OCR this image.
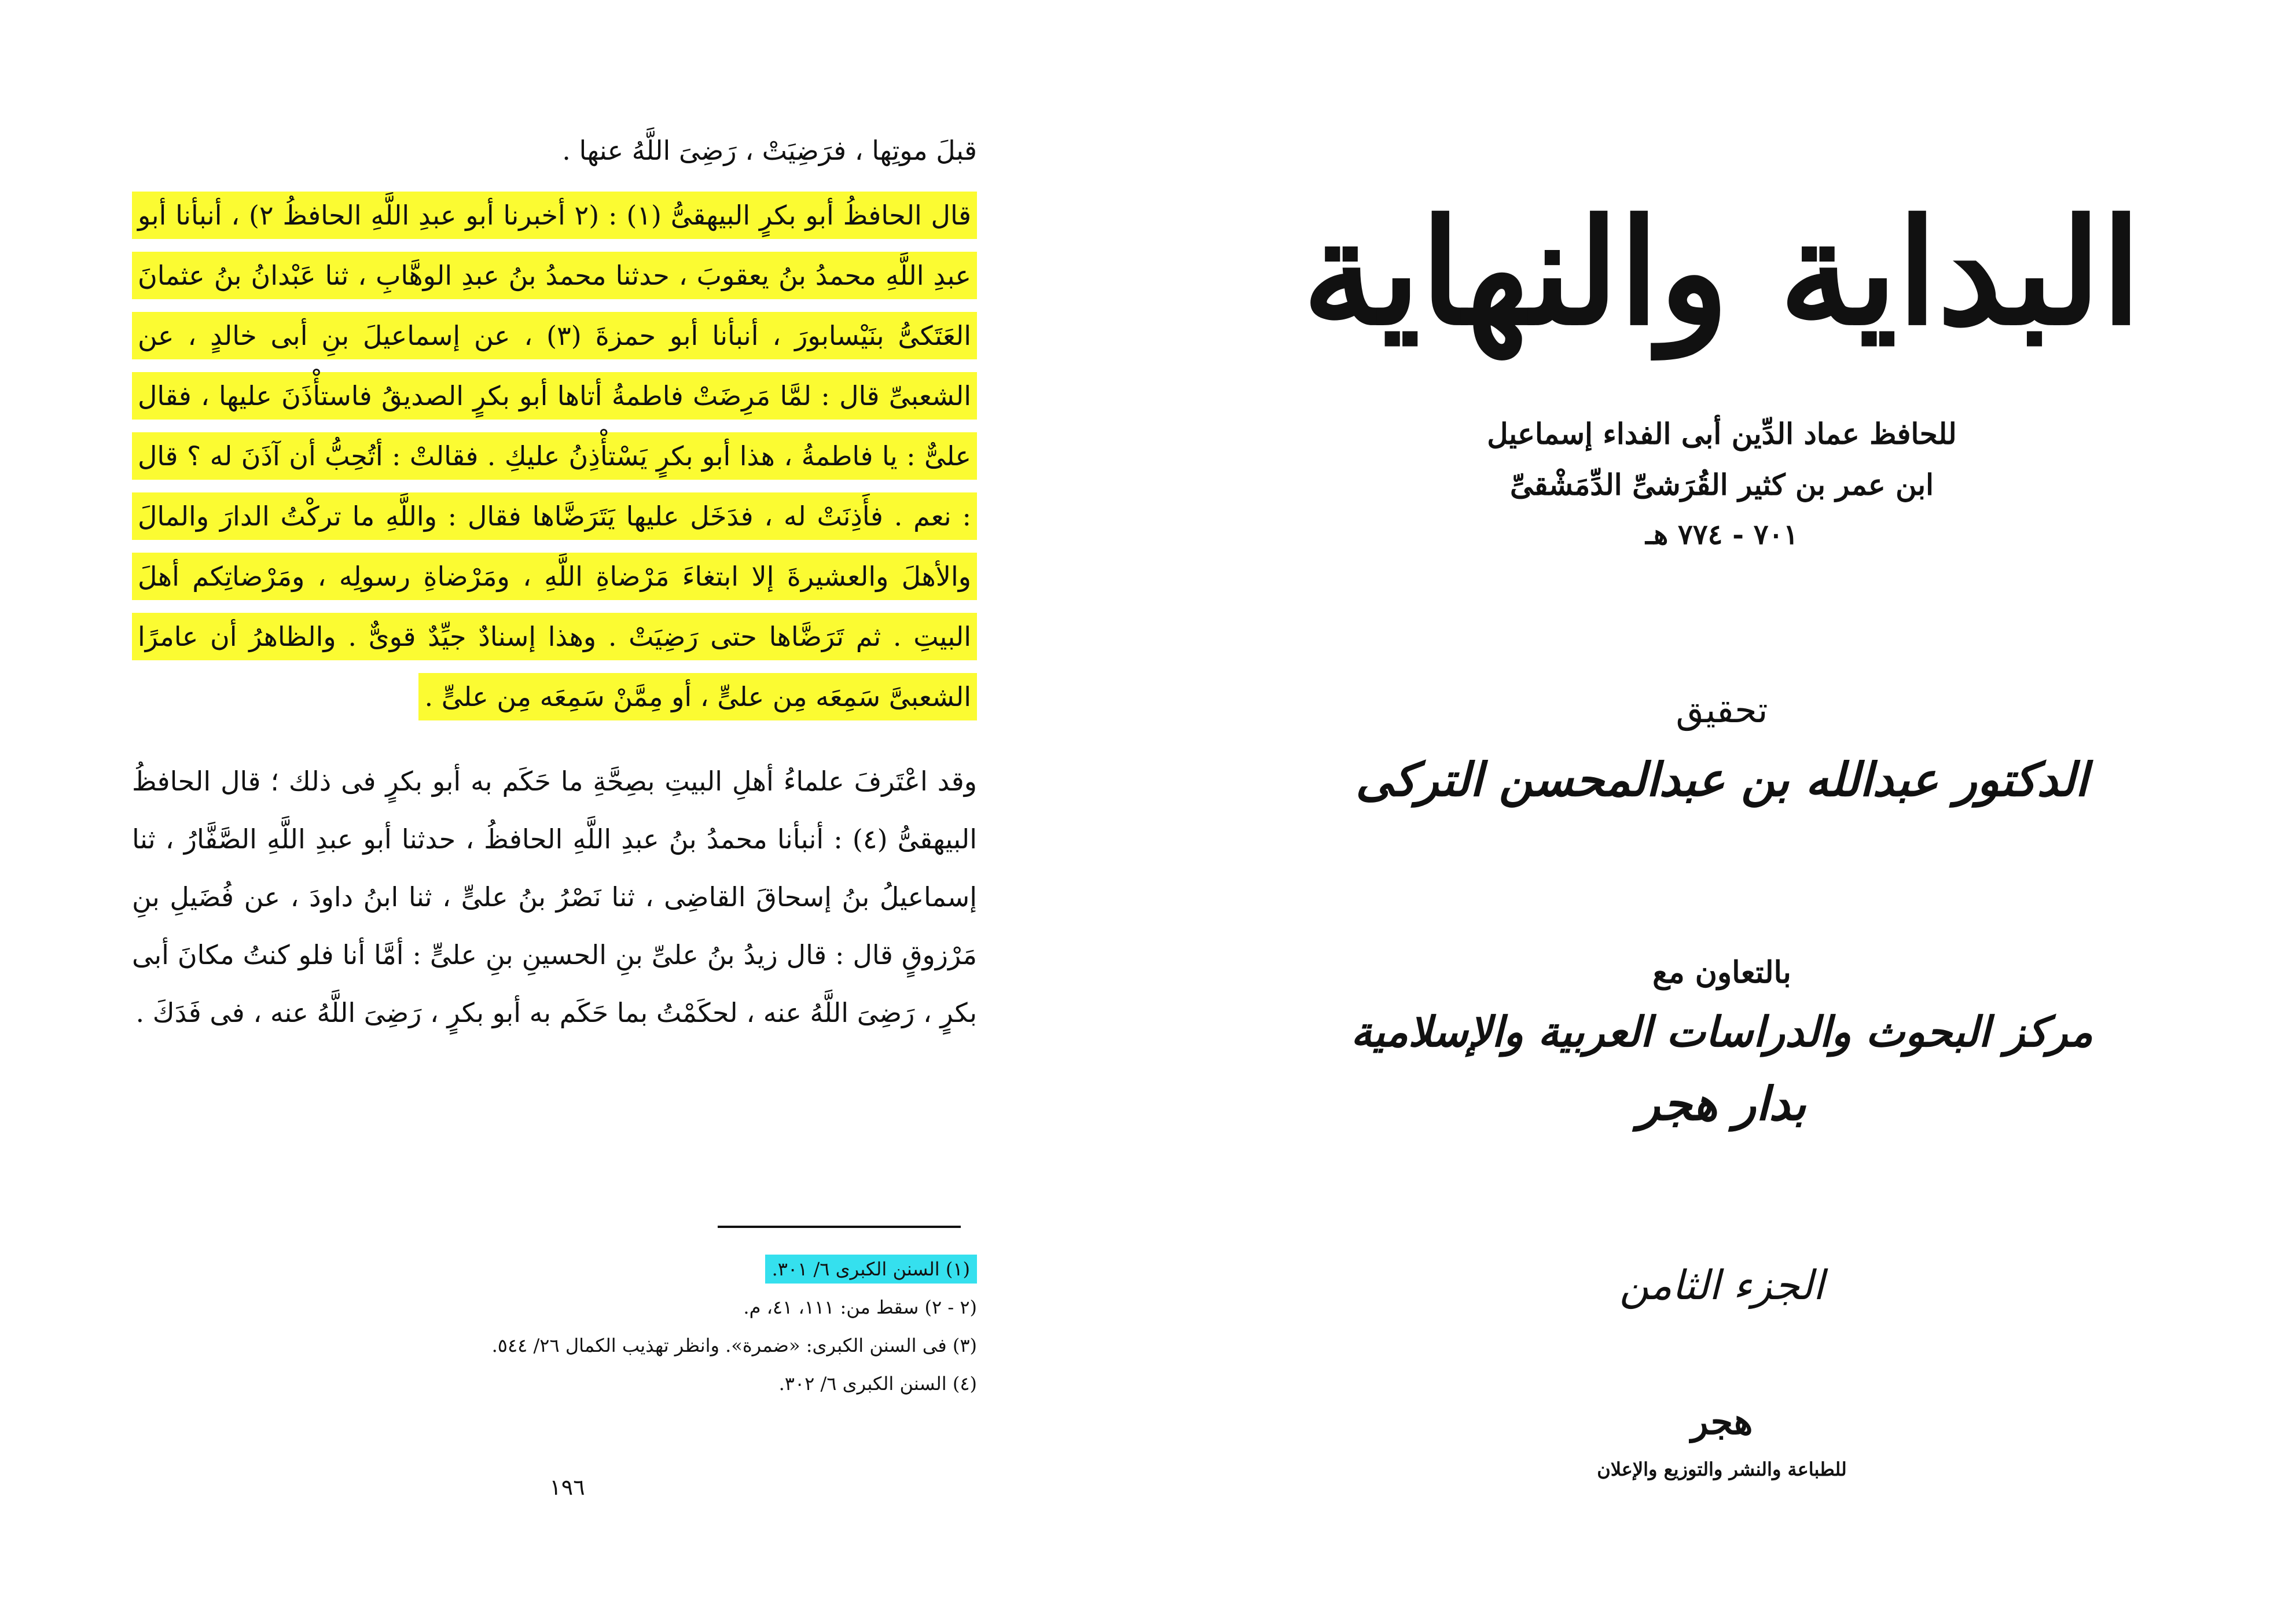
قبلَ موتِها ، فرَضِيَتْ ، رَضِىَ اللَّهُ عنها .
قال الحافظُ أبو بكرٍ البيهقىُّ (١) : (٢ أخبرنا أبو عبدِ اللَّهِ الحافظُ ٢) ، أنبأنا أبو عبدِ اللَّهِ محمدُ بنُ يعقوبَ ، حدثنا محمدُ بنُ عبدِ الوهَّابِ ، ثنا عَبْدانُ بنُ عثمانَ العَتَكىُّ بنَيْسابورَ ، أنبأنا أبو حمزةَ (٣) ، عن إسماعيلَ بنِ أبى خالدٍ ، عن الشعبىِّ قال : لمَّا مَرِضَتْ فاطمةُ أتاها أبو بكرٍ الصديقُ فاستأْذَنَ عليها ، فقال علىٌّ : يا فاطمةُ ، هذا أبو بكرٍ يَسْتأْذِنُ عليكِ . فقالتْ : أتُحِبُّ أن آذَنَ له ؟ قال : نعم . فأَذِنَتْ له ، فدَخَل عليها يَتَرَضَّاها فقال : واللَّهِ ما تركْتُ الدارَ والمالَ والأهلَ والعشيرةَ إلا ابتغاءَ مَرْضاةِ اللَّهِ ، ومَرْضاةِ رسولِه ، ومَرْضاتِكم أهلَ البيتِ . ثم تَرَضَّاها حتى رَضِيَتْ . وهذا إسنادٌ جيِّدٌ قوىٌّ . والظاهرُ أن عامرًا الشعبىَّ سَمِعَه مِن علىٍّ ، أو مِمَّنْ سَمِعَه مِن علىٍّ .
وقد اعْتَرفَ علماءُ أهلِ البيتِ بصِحَّةِ ما حَكَم به أبو بكرٍ فى ذلك ؛ قال الحافظُ البيهقىُّ (٤) : أنبأنا محمدُ بنُ عبدِ اللَّهِ الحافظُ ، حدثنا أبو عبدِ اللَّهِ الصَّفَّارُ ، ثنا إسماعيلُ بنُ إسحاقَ القاضِى ، ثنا نَصْرُ بنُ علىٍّ ، ثنا ابنُ داودَ ، عن فُضَيلِ بنِ مَرْزوقٍ قال : قال زيدُ بنُ علىِّ بنِ الحسينِ بنِ علىٍّ : أمَّا أنا فلو كنتُ مكانَ أبى بكرٍ ، رَضِىَ اللَّهُ عنه ، لحكَمْتُ بما حَكَم به أبو بكرٍ ، رَضِىَ اللَّهُ عنه ، فى فَدَكَ .
(١) السنن الكبرى ٦/ ٣٠١.
(٢ - ٢) سقط من: ١١١، ٤١، م.
(٣) فى السنن الكبرى: «ضمرة». وانظر تهذيب الكمال ٢٦/ ٥٤٤.
(٤) السنن الكبرى ٦/ ٣٠٢.
١٩٦
البداية والنهاية
للحافظ عماد الدِّين أبى الفداء إسماعيل
ابن عمر بن كثير القُرَشىِّ الدِّمَشْقىِّ
٧٠١ - ٧٧٤ هـ
تحقيق
الدكتور عبدالله بن عبدالمحسن التركى
بالتعاون مع
مركز البحوث والدراسات العربية والإسلامية
بدار هجر
الجزء الثامن
هجر
للطباعة والنشر والتوزيع والإعلان
